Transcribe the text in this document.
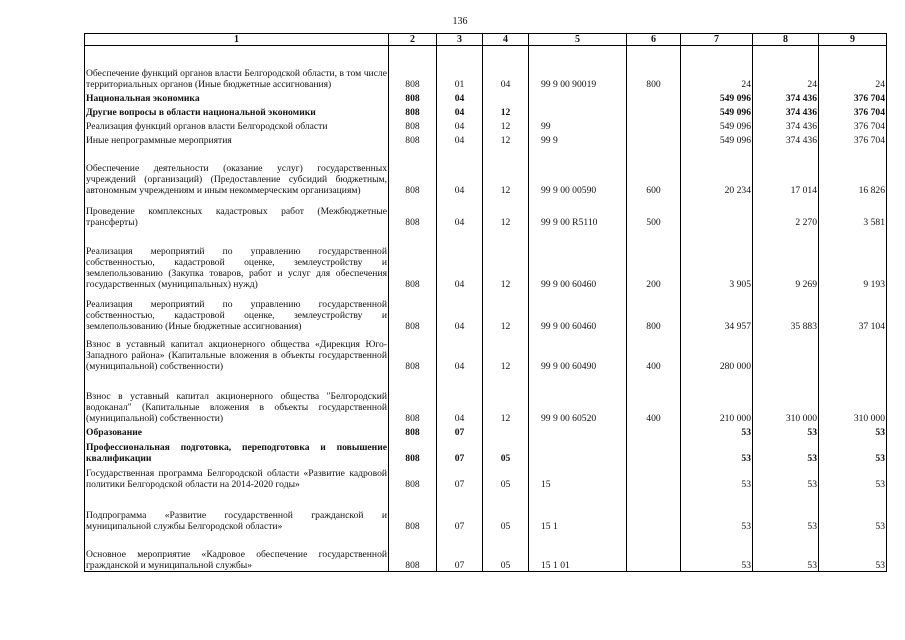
136
1	2	3	4	5	6	7	8	9

Обеспечение функций органов власти Белгородской области, в том числе территориальных органов (Иные бюджетные ассигнования)	808	01	04	99 9 00 90019	800	24	24	24
Национальная экономика	808	04				549 096	374 436	376 704
Другие вопросы в области национальной экономики	808	04	12			549 096	374 436	376 704
Реализация функций органов власти Белгородской области	808	04	12	99		549 096	374 436	376 704
Иные непрограммные мероприятия	808	04	12	99 9		549 096	374 436	376 704
Обеспечение деятельности (оказание услуг) государственных учреждений (организаций) (Предоставление субсидий бюджетным, автономным учреждениям и иным некоммерческим организациям)	808	04	12	99 9 00 00590	600	20 234	17 014	16 826
Проведение комплексных кадастровых работ (Межбюджетные трансферты)	808	04	12	99 9 00 R5110	500		2 270	3 581
Реализация мероприятий по управлению государственной собственностью, кадастровой оценке, землеустройству и землепользованию (Закупка товаров, работ и услуг для обеспечения государственных (муниципальных) нужд)	808	04	12	99 9 00 60460	200	3 905	9 269	9 193
Реализация мероприятий по управлению государственной собственностью, кадастровой оценке, землеустройству и землепользованию (Иные бюджетные ассигнования)	808	04	12	99 9 00 60460	800	34 957	35 883	37 104
Взнос в уставный капитал акционерного общества «Дирекция Юго-Западного района» (Капитальные вложения в объекты государственной (муниципальной) собственности)	808	04	12	99 9 00 60490	400	280 000		
Взнос в уставный капитал акционерного общества "Белгородский водоканал" (Капитальные вложения в объекты государственной (муниципальной) собственности)	808	04	12	99 9 00 60520	400	210 000	310 000	310 000
Образование	808	07				53	53	53
Профессиональная подготовка, переподготовка и повышение квалификации	808	07	05			53	53	53
Государственная программа Белгородской области «Развитие кадровой политики Белгородской области на 2014-2020 годы»	808	07	05	15		53	53	53
Подпрограмма «Развитие государственной гражданской и муниципальной службы Белгородской области»	808	07	05	15 1		53	53	53
Основное мероприятие «Кадровое обеспечение государственной гражданской и муниципальной службы»	808	07	05	15 1 01		53	53	53
